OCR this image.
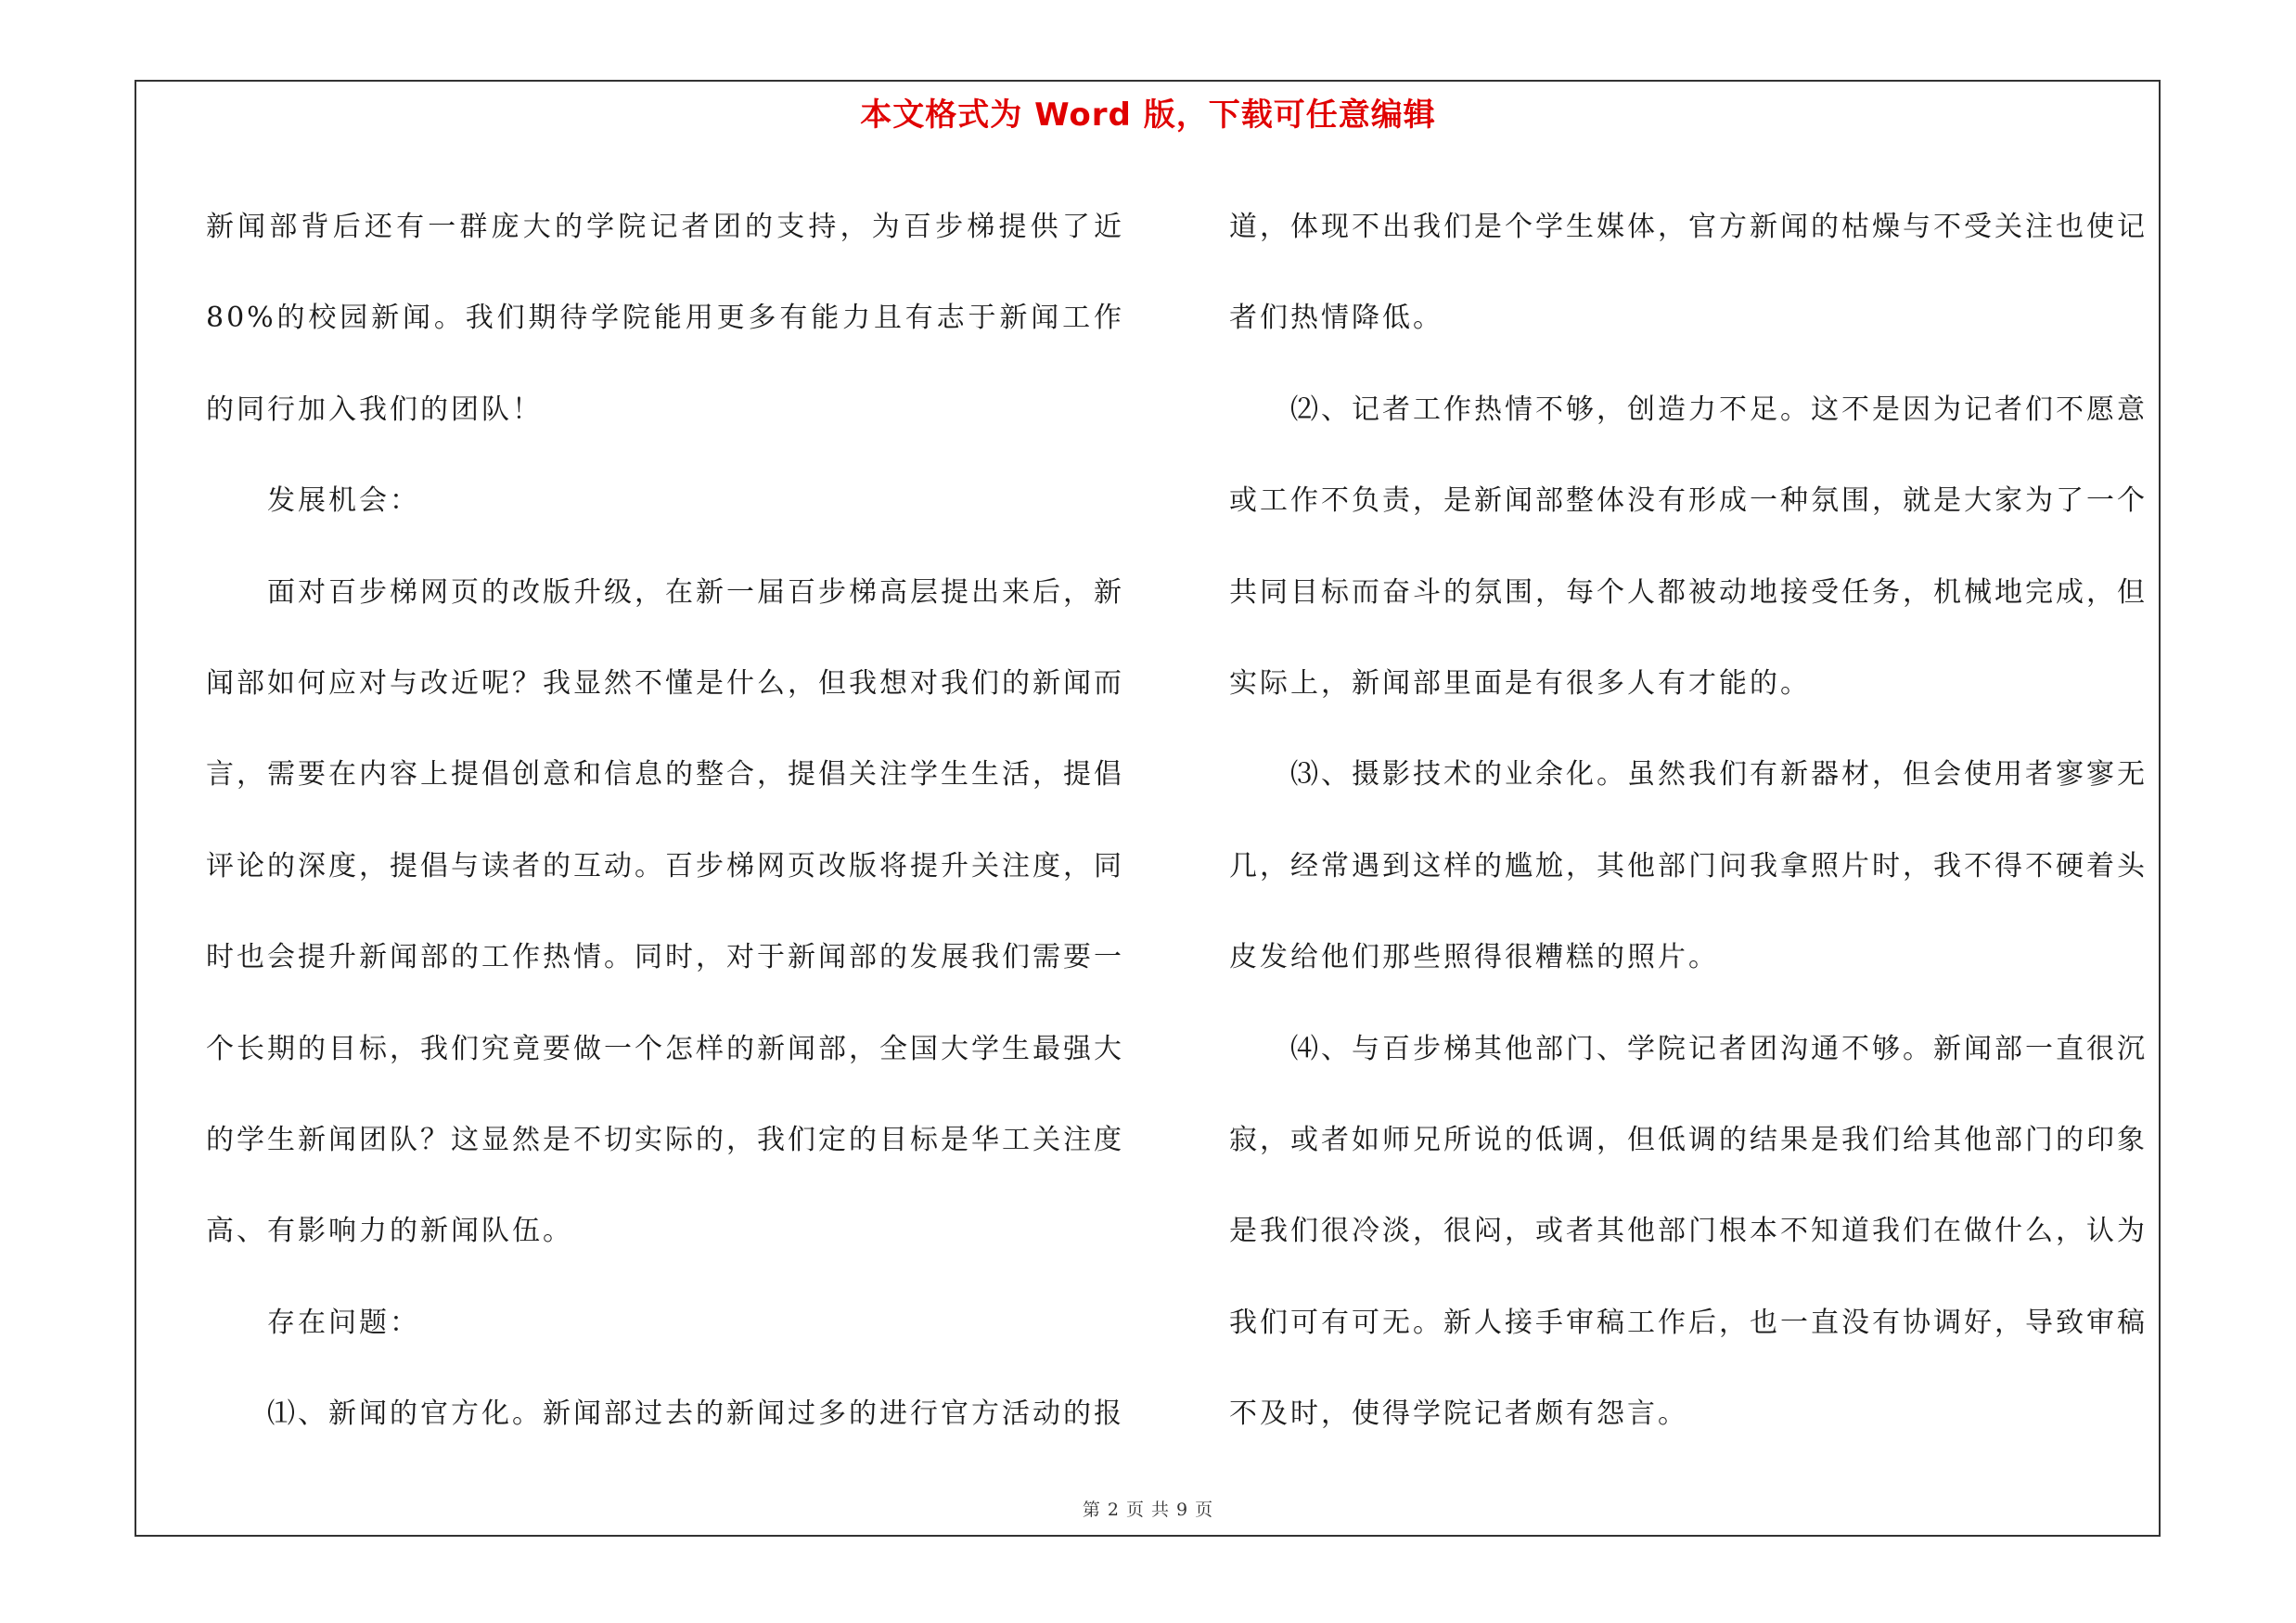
本文格式为 Word 版，下载可任意编辑

新闻部背后还有一群庞大的学院记者团的支持，为百步梯提供了近80%的校园新闻。我们期待学院能用更多有能力且有志于新闻工作的同行加入我们的团队！

发展机会：

面对百步梯网页的改版升级，在新一届百步梯高层提出来后，新闻部如何应对与改近呢？我显然不懂是什么，但我想对我们的新闻而言，需要在内容上提倡创意和信息的整合，提倡关注学生生活，提倡评论的深度，提倡与读者的互动。百步梯网页改版将提升关注度，同时也会提升新闻部的工作热情。同时，对于新闻部的发展我们需要一个长期的目标，我们究竟要做一个怎样的新闻部，全国大学生最强大的学生新闻团队？这显然是不切实际的，我们定的目标是华工关注度高、有影响力的新闻队伍。

存在问题：

⑴、新闻的官方化。新闻部过去的新闻过多的进行官方活动的报

道，体现不出我们是个学生媒体，官方新闻的枯燥与不受关注也使记者们热情降低。

⑵、记者工作热情不够，创造力不足。这不是因为记者们不愿意或工作不负责，是新闻部整体没有形成一种氛围，就是大家为了一个共同目标而奋斗的氛围，每个人都被动地接受任务，机械地完成，但实际上，新闻部里面是有很多人有才能的。

⑶、摄影技术的业余化。虽然我们有新器材，但会使用者寥寥无几，经常遇到这样的尴尬，其他部门问我拿照片时，我不得不硬着头皮发给他们那些照得很糟糕的照片。

⑷、与百步梯其他部门、学院记者团沟通不够。新闻部一直很沉寂，或者如师兄所说的低调，但低调的结果是我们给其他部门的印象是我们很冷淡，很闷，或者其他部门根本不知道我们在做什么，认为我们可有可无。新人接手审稿工作后，也一直没有协调好，导致审稿不及时，使得学院记者颇有怨言。

第 2 页 共 9 页
